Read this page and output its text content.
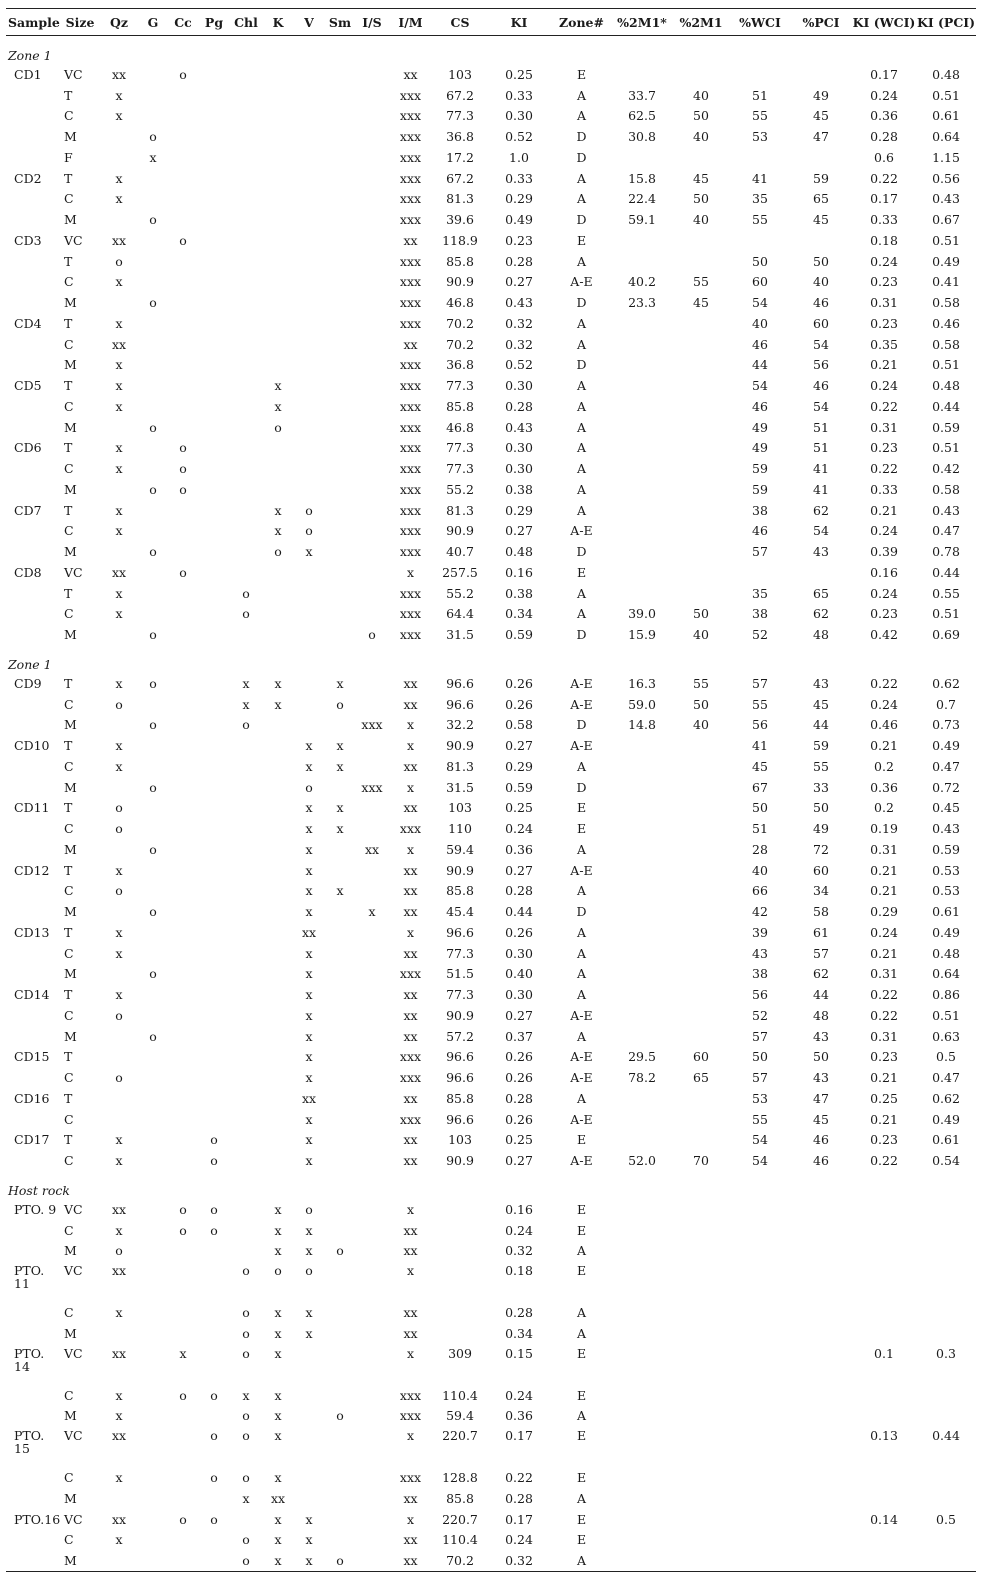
Sample	Size	Qz	G	Cc	Pg	Chl	K	V	Sm	I/S	I/M	CS	KI	Zone#	%2M1*	%2M1	%WCI	%PCI	KI (WCI)	KI (PCI)
Zone 1																				
CD1	VC	xx		o							xx	103	0.25	E					0.17	0.48
	T	x									xxx	67.2	0.33	A	33.7	40	51	49	0.24	0.51
	C	x									xxx	77.3	0.30	A	62.5	50	55	45	0.36	0.61
	M		o								xxx	36.8	0.52	D	30.8	40	53	47	0.28	0.64
	F		x								xxx	17.2	1.0	D					0.6	1.15
CD2	T	x									xxx	67.2	0.33	A	15.8	45	41	59	0.22	0.56
	C	x									xxx	81.3	0.29	A	22.4	50	35	65	0.17	0.43
	M		o								xxx	39.6	0.49	D	59.1	40	55	45	0.33	0.67
CD3	VC	xx		o							xx	118.9	0.23	E					0.18	0.51
	T	o									xxx	85.8	0.28	A			50	50	0.24	0.49
	C	x									xxx	90.9	0.27	A-E	40.2	55	60	40	0.23	0.41
	M		o								xxx	46.8	0.43	D	23.3	45	54	46	0.31	0.58
CD4	T	x									xxx	70.2	0.32	A			40	60	0.23	0.46
	C	xx									xx	70.2	0.32	A			46	54	0.35	0.58
	M	x									xxx	36.8	0.52	D			44	56	0.21	0.51
CD5	T	x					x				xxx	77.3	0.30	A			54	46	0.24	0.48
	C	x					x				xxx	85.8	0.28	A			46	54	0.22	0.44
	M		o				o				xxx	46.8	0.43	A			49	51	0.31	0.59
CD6	T	x		o							xxx	77.3	0.30	A			49	51	0.23	0.51
	C	x		o							xxx	77.3	0.30	A			59	41	0.22	0.42
	M		o	o							xxx	55.2	0.38	A			59	41	0.33	0.58
CD7	T	x					x	o			xxx	81.3	0.29	A			38	62	0.21	0.43
	C	x					x	o			xxx	90.9	0.27	A-E			46	54	0.24	0.47
	M		o				o	x			xxx	40.7	0.48	D			57	43	0.39	0.78
CD8	VC	xx		o							x	257.5	0.16	E					0.16	0.44
	T	x				o					xxx	55.2	0.38	A			35	65	0.24	0.55
	C	x				o					xxx	64.4	0.34	A	39.0	50	38	62	0.23	0.51
	M		o							o	xxx	31.5	0.59	D	15.9	40	52	48	0.42	0.69
Zone 1																				
CD9	T	x	o			x	x		x		xx	96.6	0.26	A-E	16.3	55	57	43	0.22	0.62
	C	o				x	x		o		xx	96.6	0.26	A-E	59.0	50	55	45	0.24	0.7
	M		o			o				xxx	x	32.2	0.58	D	14.8	40	56	44	0.46	0.73
CD10	T	x						x	x		x	90.9	0.27	A-E			41	59	0.21	0.49
	C	x						x	x		xx	81.3	0.29	A			45	55	0.2	0.47
	M		o					o		xxx	x	31.5	0.59	D			67	33	0.36	0.72
CD11	T	o						x	x		xx	103	0.25	E			50	50	0.2	0.45
	C	o						x	x		xxx	110	0.24	E			51	49	0.19	0.43
	M		o					x		xx	x	59.4	0.36	A			28	72	0.31	0.59
CD12	T	x						x			xx	90.9	0.27	A-E			40	60	0.21	0.53
	C	o						x	x		xx	85.8	0.28	A			66	34	0.21	0.53
	M		o					x		x	xx	45.4	0.44	D			42	58	0.29	0.61
CD13	T	x						xx			x	96.6	0.26	A			39	61	0.24	0.49
	C	x						x			xx	77.3	0.30	A			43	57	0.21	0.48
	M		o					x			xxx	51.5	0.40	A			38	62	0.31	0.64
CD14	T	x						x			xx	77.3	0.30	A			56	44	0.22	0.86
	C	o						x			xx	90.9	0.27	A-E			52	48	0.22	0.51
	M		o					x			xx	57.2	0.37	A			57	43	0.31	0.63
CD15	T							x			xxx	96.6	0.26	A-E	29.5	60	50	50	0.23	0.5
	C	o						x			xxx	96.6	0.26	A-E	78.2	65	57	43	0.21	0.47
CD16	T							xx			xx	85.8	0.28	A			53	47	0.25	0.62
	C							x			xxx	96.6	0.26	A-E			55	45	0.21	0.49
CD17	T	x			o			x			xx	103	0.25	E			54	46	0.23	0.61
	C	x			o			x			xx	90.9	0.27	A-E	52.0	70	54	46	0.22	0.54
Host rock																				
PTO. 9	VC	xx		o	o		x	o			x		0.16	E						
	C	x		o	o		x	x			xx		0.24	E						
	M	o					x	x	o		xx		0.32	A						
PTO. 11	VC	xx				o	o	o			x		0.18	E						
	C	x				o	x	x			xx		0.28	A						
	M					o	x	x			xx		0.34	A						
PTO. 14	VC	xx		x		o	x				x	309	0.15	E					0.1	0.3
	C	x		o	o	x	x				xxx	110.4	0.24	E						
	M	x				o	x		o		xxx	59.4	0.36	A						
PTO. 15	VC	xx			o	o	x				x	220.7	0.17	E					0.13	0.44
	C	x			o	o	x				xxx	128.8	0.22	E						
	M					x	xx				xx	85.8	0.28	A						
PTO.16	VC	xx		o	o		x	x			x	220.7	0.17	E					0.14	0.5
	C	x				o	x	x			xx	110.4	0.24	E						
	M					o	x	x	o		xx	70.2	0.32	A						
